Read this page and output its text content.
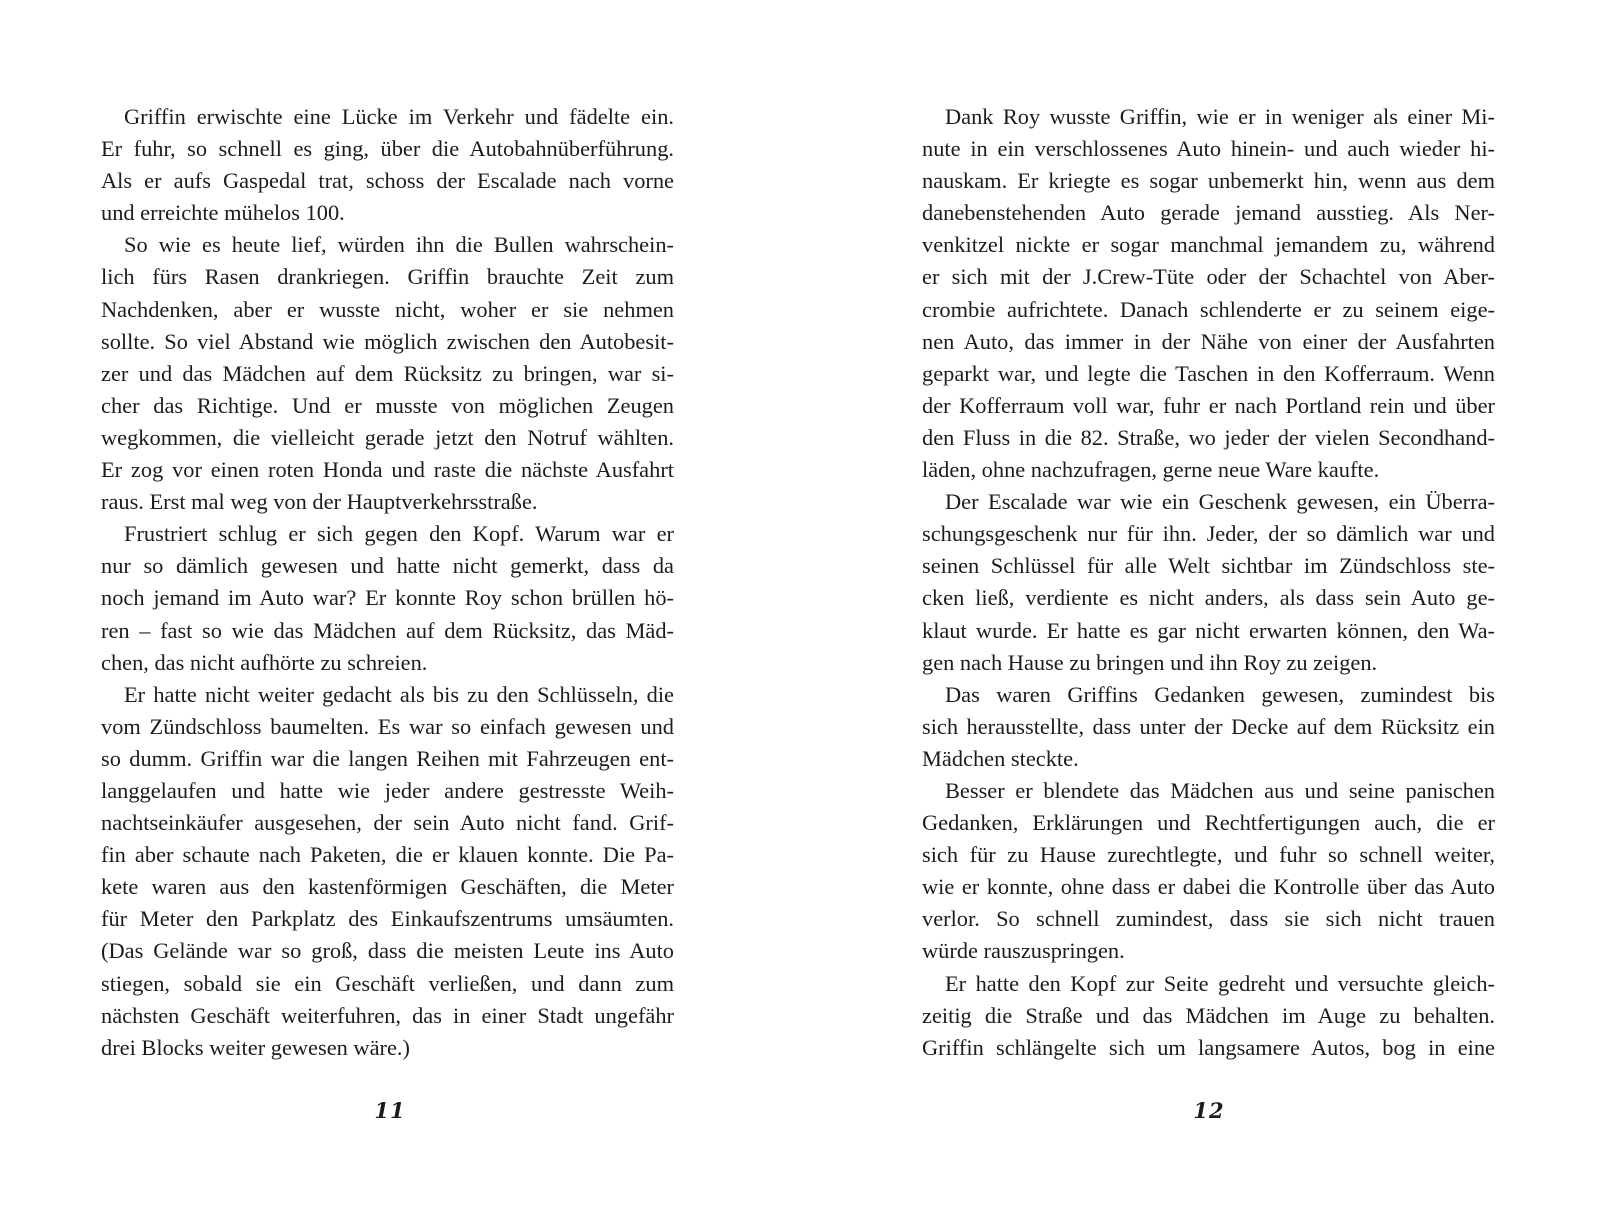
Griffin erwischte eine Lücke im Verkehr und fädelte ein.
Er fuhr, so schnell es ging, über die Autobahnüberführung.
Als er aufs Gaspedal trat, schoss der Escalade nach vorne
und erreichte mühelos 100.
So wie es heute lief, würden ihn die Bullen wahrschein-
lich fürs Rasen drankriegen. Griffin brauchte Zeit zum
Nachdenken, aber er wusste nicht, woher er sie nehmen
sollte. So viel Abstand wie möglich zwischen den Autobesit-
zer und das Mädchen auf dem Rücksitz zu bringen, war si-
cher das Richtige. Und er musste von möglichen Zeugen
wegkommen, die vielleicht gerade jetzt den Notruf wählten.
Er zog vor einen roten Honda und raste die nächste Ausfahrt
raus. Erst mal weg von der Hauptverkehrsstraße.
Frustriert schlug er sich gegen den Kopf. Warum war er
nur so dämlich gewesen und hatte nicht gemerkt, dass da
noch jemand im Auto war? Er konnte Roy schon brüllen hö-
ren – fast so wie das Mädchen auf dem Rücksitz, das Mäd-
chen, das nicht aufhörte zu schreien.
Er hatte nicht weiter gedacht als bis zu den Schlüsseln, die
vom Zündschloss baumelten. Es war so einfach gewesen und
so dumm. Griffin war die langen Reihen mit Fahrzeugen ent-
langgelaufen und hatte wie jeder andere gestresste Weih-
nachtseinkäufer ausgesehen, der sein Auto nicht fand. Grif-
fin aber schaute nach Paketen, die er klauen konnte. Die Pa-
kete waren aus den kastenförmigen Geschäften, die Meter
für Meter den Parkplatz des Einkaufszentrums umsäumten.
(Das Gelände war so groß, dass die meisten Leute ins Auto
stiegen, sobald sie ein Geschäft verließen, und dann zum
nächsten Geschäft weiterfuhren, das in einer Stadt ungefähr
drei Blocks weiter gewesen wäre.)
Dank Roy wusste Griffin, wie er in weniger als einer Mi-
nute in ein verschlossenes Auto hinein- und auch wieder hi-
nauskam. Er kriegte es sogar unbemerkt hin, wenn aus dem
danebenstehenden Auto gerade jemand ausstieg. Als Ner-
venkitzel nickte er sogar manchmal jemandem zu, während
er sich mit der J.Crew-Tüte oder der Schachtel von Aber-
crombie aufrichtete. Danach schlenderte er zu seinem eige-
nen Auto, das immer in der Nähe von einer der Ausfahrten
geparkt war, und legte die Taschen in den Kofferraum. Wenn
der Kofferraum voll war, fuhr er nach Portland rein und über
den Fluss in die 82. Straße, wo jeder der vielen Secondhand-
läden, ohne nachzufragen, gerne neue Ware kaufte.
Der Escalade war wie ein Geschenk gewesen, ein Überra-
schungsgeschenk nur für ihn. Jeder, der so dämlich war und
seinen Schlüssel für alle Welt sichtbar im Zündschloss ste-
cken ließ, verdiente es nicht anders, als dass sein Auto ge-
klaut wurde. Er hatte es gar nicht erwarten können, den Wa-
gen nach Hause zu bringen und ihn Roy zu zeigen.
Das waren Griffins Gedanken gewesen, zumindest bis
sich herausstellte, dass unter der Decke auf dem Rücksitz ein
Mädchen steckte.
Besser er blendete das Mädchen aus und seine panischen
Gedanken, Erklärungen und Rechtfertigungen auch, die er
sich für zu Hause zurechtlegte, und fuhr so schnell weiter,
wie er konnte, ohne dass er dabei die Kontrolle über das Auto
verlor. So schnell zumindest, dass sie sich nicht trauen
würde rauszuspringen.
Er hatte den Kopf zur Seite gedreht und versuchte gleich-
zeitig die Straße und das Mädchen im Auge zu behalten.
Griffin schlängelte sich um langsamere Autos, bog in eine
11	12
